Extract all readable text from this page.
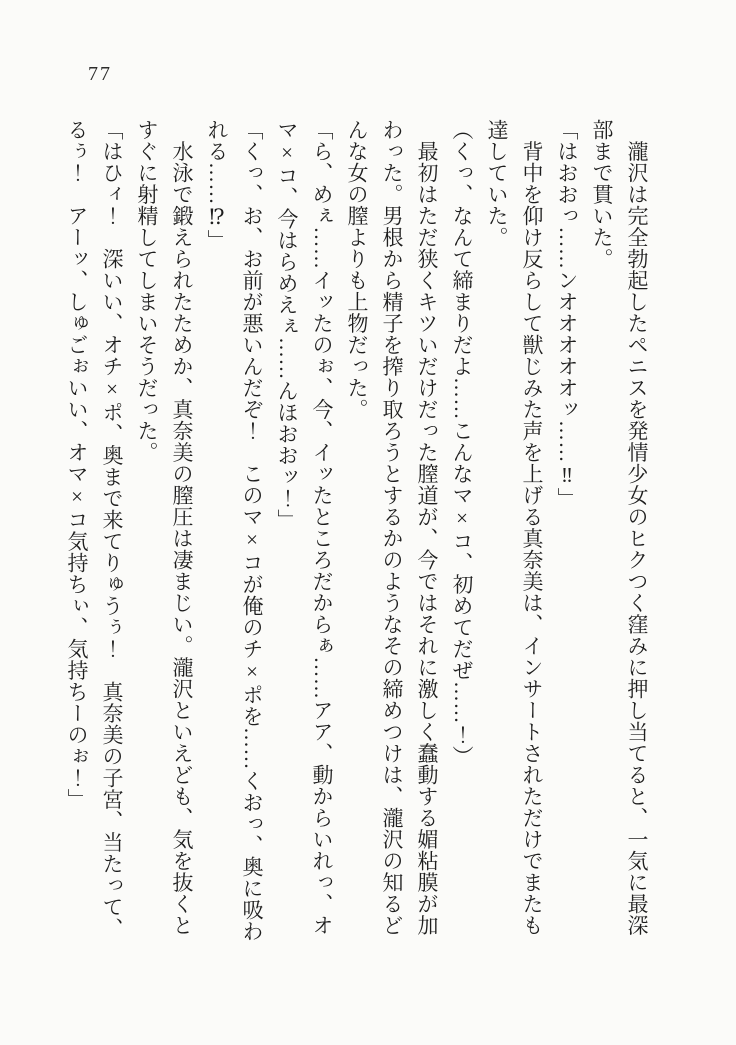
77
　瀧沢は完全勃起したペニスを発情少女のヒクつく窪みに押し当てると、一気に最深
部まで貫いた。
「はおおっ……ンオオオオオッ……‼」
　背中を仰け反らして獣じみた声を上げる真奈美は、インサートされただけでまたも
達していた。
（くっ、なんて締まりだよ……こんなマ×コ、初めてだぜ……！）
　最初はただ狭くキツいだけだった膣道が、今ではそれに激しく蠢動する媚粘膜が加
わった。男根から精子を搾り取ろうとするかのようなその締めつけは、瀧沢の知るど
んな女の膣よりも上物だった。
「ら、めぇ……イッたのぉ、今、イッたところだからぁ……アア、動からいれっ、オ
マ×コ、今はらめえぇ……んほおおッ！」
「くっ、お、お前が悪いんだぞ！　このマ×コが俺のチ×ポを……くおっ、奥に吸わ
れる……⁉」
　水泳で鍛えられたためか、真奈美の膣圧は凄まじい。瀧沢といえども、気を抜くと
すぐに射精してしまいそうだった。
「はひィ！　深いい、オチ×ポ、奥まで来てりゅうぅ！　真奈美の子宮、当たって、
るぅ！　アーッ、しゅごぉいい、オマ×コ気持ちぃ、気持ちーのぉ！」
